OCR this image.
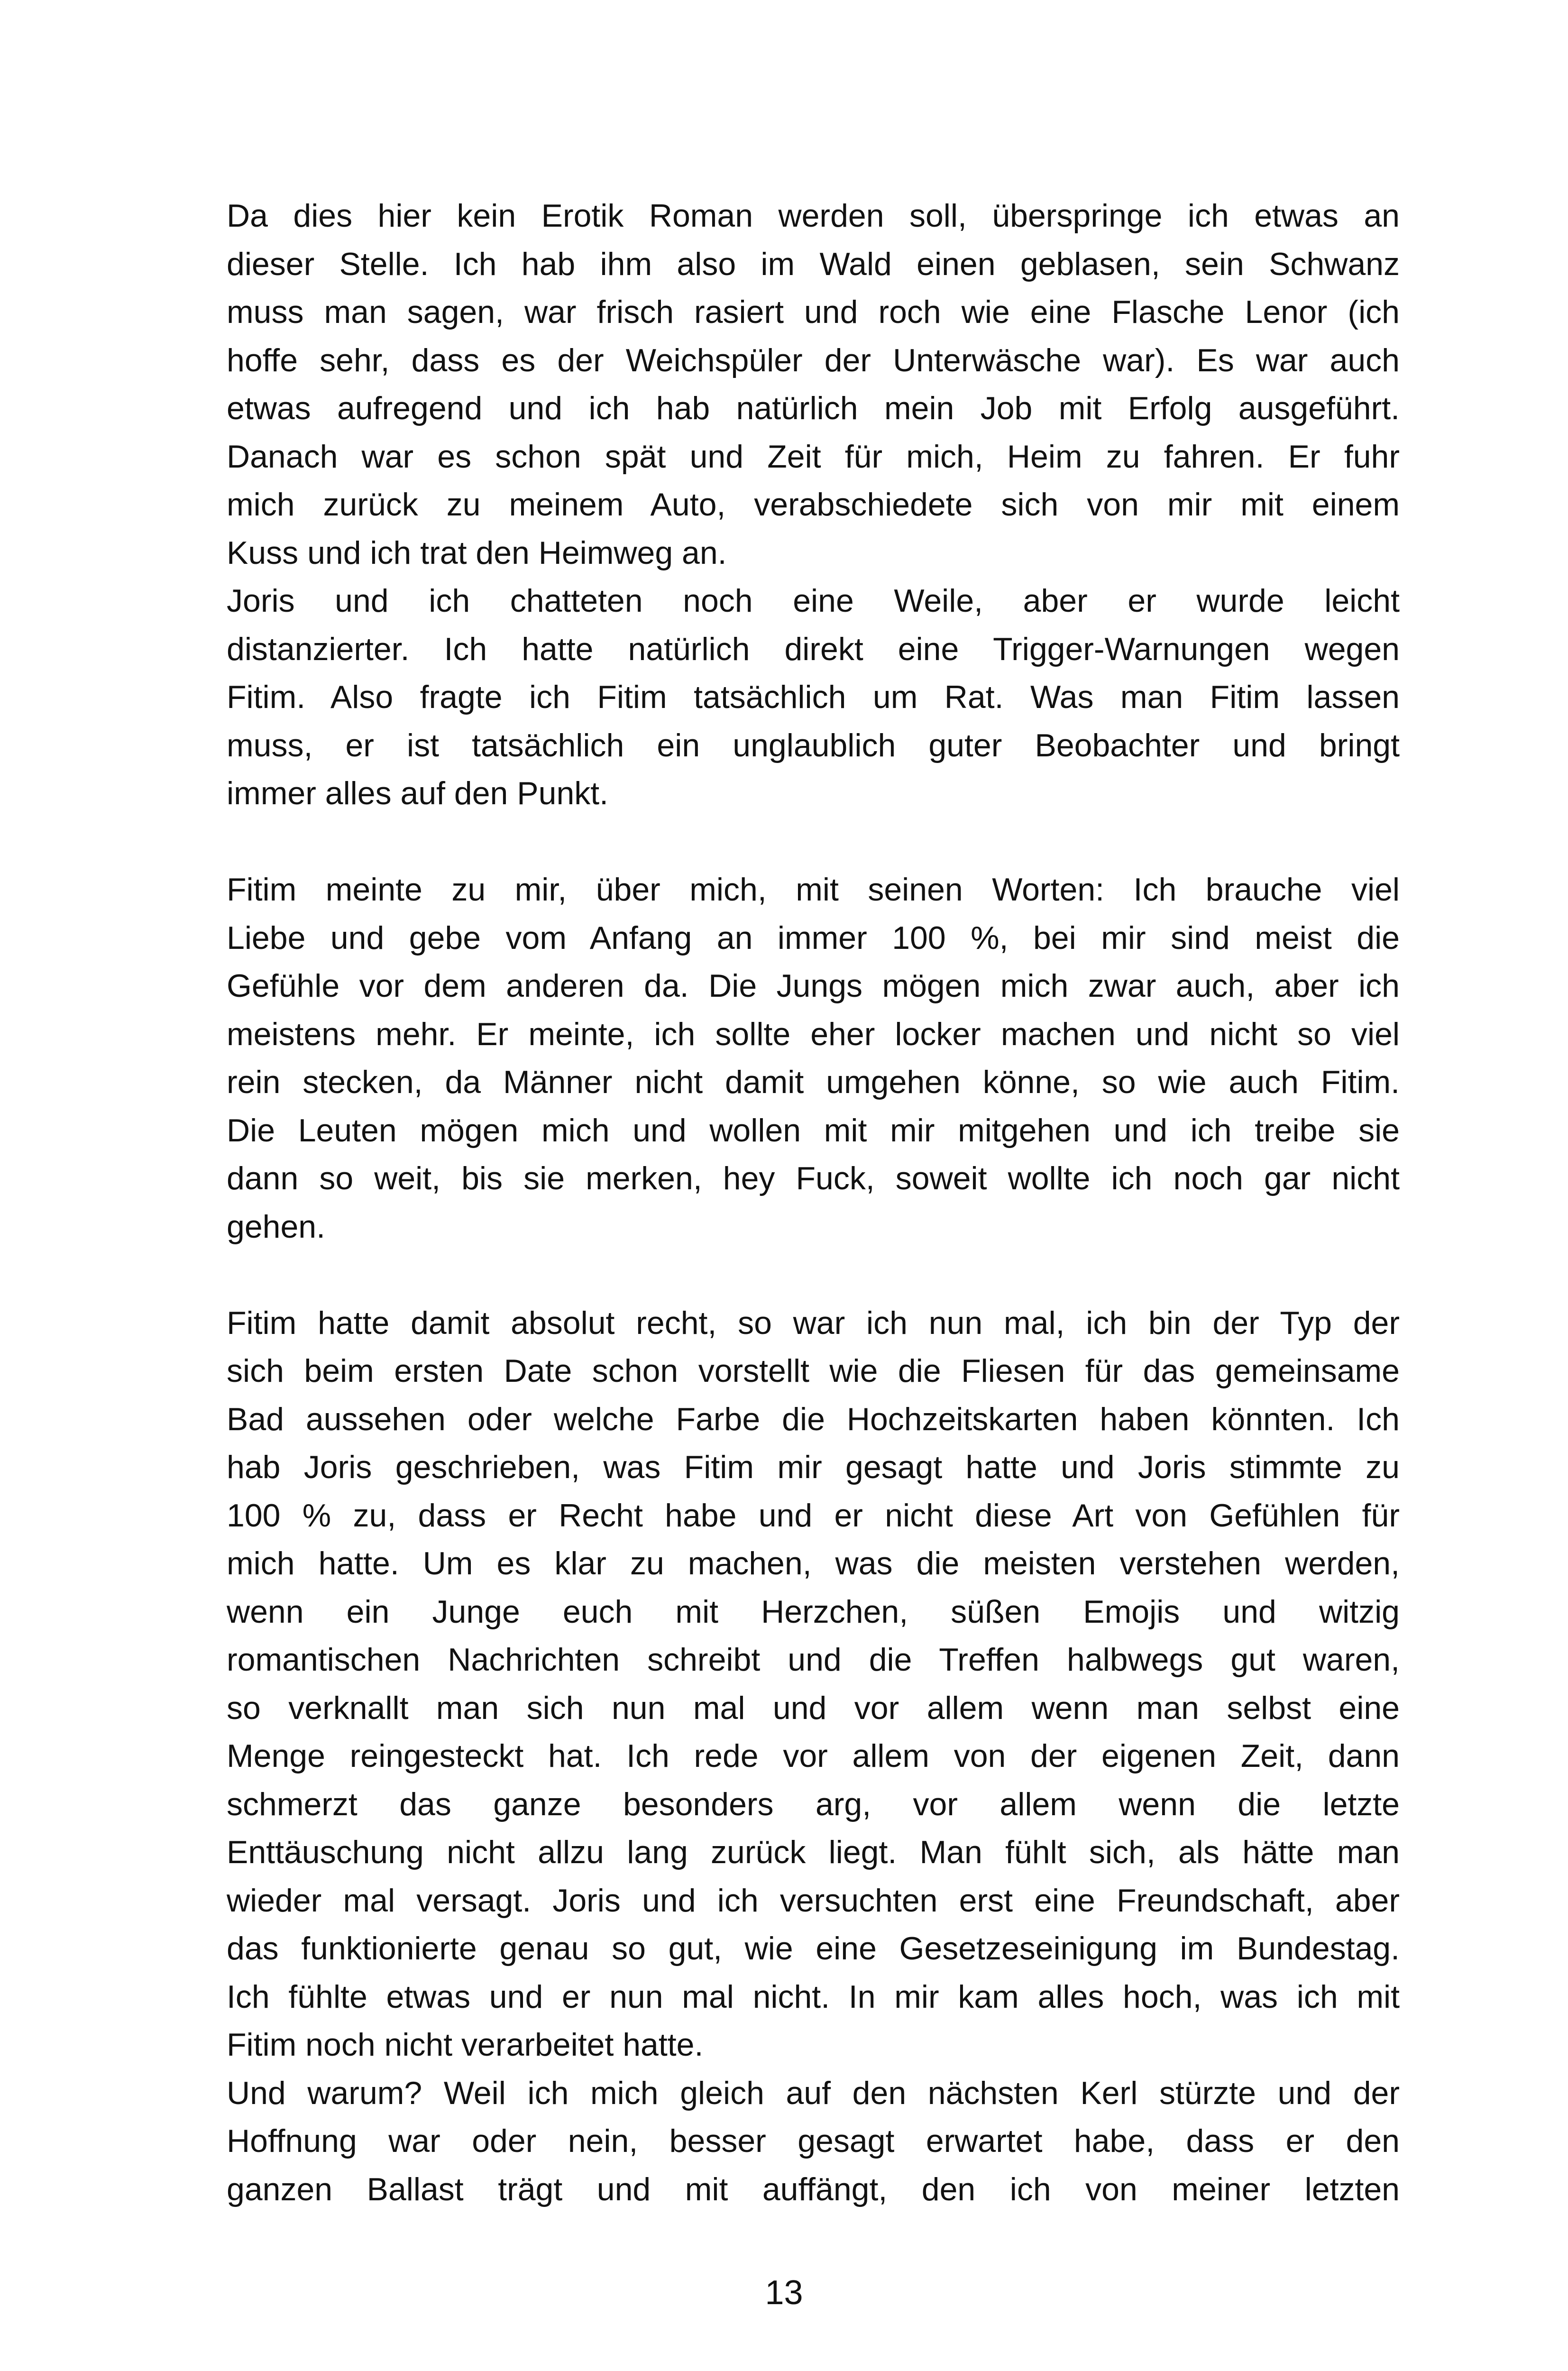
Da dies hier kein Erotik Roman werden soll, überspringe ich etwas an
dieser Stelle. Ich hab ihm also im Wald einen geblasen, sein Schwanz
muss man sagen, war frisch rasiert und roch wie eine Flasche Lenor (ich
hoffe sehr, dass es der Weichspüler der Unterwäsche war). Es war auch
etwas aufregend und ich hab natürlich mein Job mit Erfolg ausgeführt.
Danach war es schon spät und Zeit für mich, Heim zu fahren. Er fuhr
mich zurück zu meinem Auto, verabschiedete sich von mir mit einem
Kuss und ich trat den Heimweg an.
Joris und ich chatteten noch eine Weile, aber er wurde leicht
distanzierter. Ich hatte natürlich direkt eine Trigger-Warnungen wegen
Fitim. Also fragte ich Fitim tatsächlich um Rat. Was man Fitim lassen
muss, er ist tatsächlich ein unglaublich guter Beobachter und bringt
immer alles auf den Punkt.
Fitim meinte zu mir, über mich, mit seinen Worten: Ich brauche viel
Liebe und gebe vom Anfang an immer 100 %, bei mir sind meist die
Gefühle vor dem anderen da. Die Jungs mögen mich zwar auch, aber ich
meistens mehr. Er meinte, ich sollte eher locker machen und nicht so viel
rein stecken, da Männer nicht damit umgehen könne, so wie auch Fitim.
Die Leuten mögen mich und wollen mit mir mitgehen und ich treibe sie
dann so weit, bis sie merken, hey Fuck, soweit wollte ich noch gar nicht
gehen.
Fitim hatte damit absolut recht, so war ich nun mal, ich bin der Typ der
sich beim ersten Date schon vorstellt wie die Fliesen für das gemeinsame
Bad aussehen oder welche Farbe die Hochzeitskarten haben könnten. Ich
hab Joris geschrieben, was Fitim mir gesagt hatte und Joris stimmte zu
100 % zu, dass er Recht habe und er nicht diese Art von Gefühlen für
mich hatte. Um es klar zu machen, was die meisten verstehen werden,
wenn ein Junge euch mit Herzchen, süßen Emojis und witzig
romantischen Nachrichten schreibt und die Treffen halbwegs gut waren,
so verknallt man sich nun mal und vor allem wenn man selbst eine
Menge reingesteckt hat. Ich rede vor allem von der eigenen Zeit, dann
schmerzt das ganze besonders arg, vor allem wenn die letzte
Enttäuschung nicht allzu lang zurück liegt. Man fühlt sich, als hätte man
wieder mal versagt. Joris und ich versuchten erst eine Freundschaft, aber
das funktionierte genau so gut, wie eine Gesetzeseinigung im Bundestag.
Ich fühlte etwas und er nun mal nicht. In mir kam alles hoch, was ich mit
Fitim noch nicht verarbeitet hatte.
Und warum? Weil ich mich gleich auf den nächsten Kerl stürzte und der
Hoffnung war oder nein, besser gesagt erwartet habe, dass er den
ganzen Ballast trägt und mit auffängt, den ich von meiner letzten
13
